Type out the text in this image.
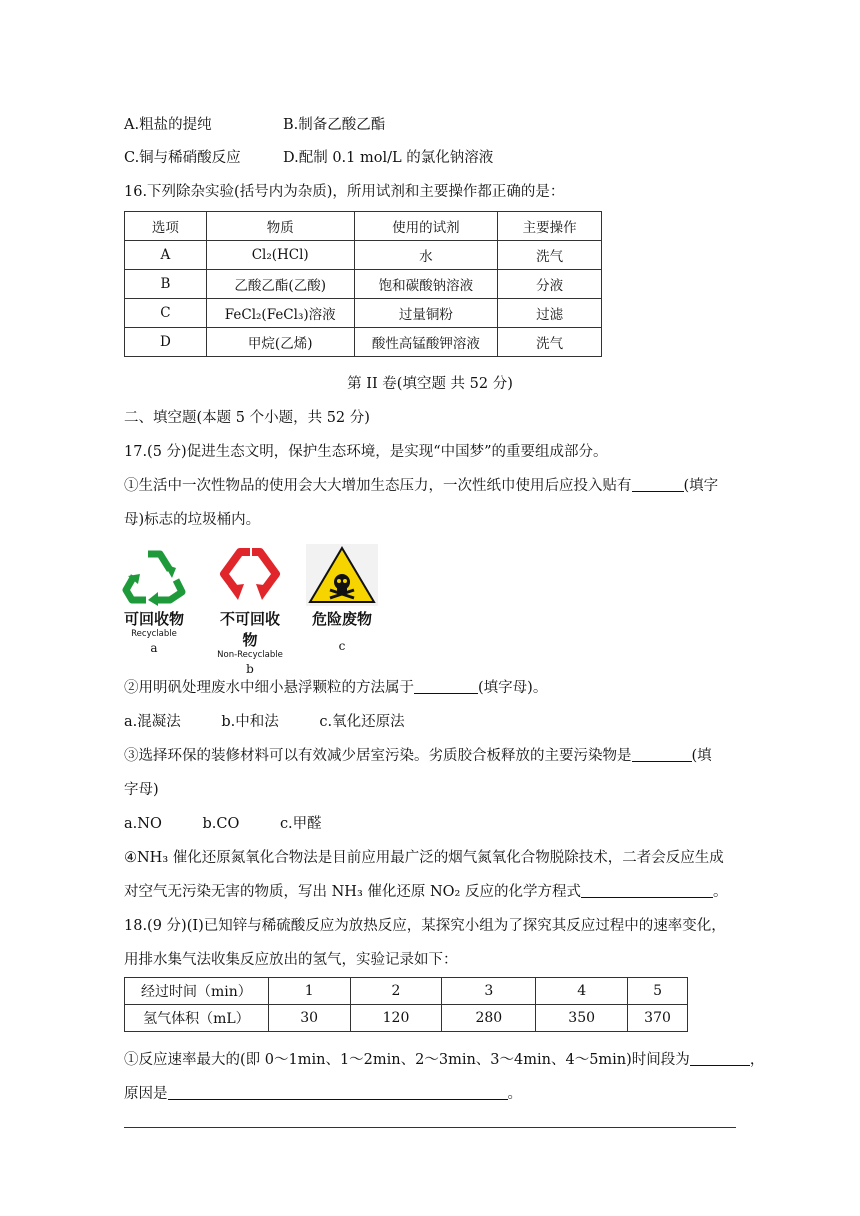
A.粗盐的提纯	B.制备乙酸乙酯
C.铜与稀硝酸反应	D.配制 0.1 mol/L 的氯化钠溶液
16.下列除杂实验(括号内为杂质)，所用试剂和主要操作都正确的是：
选项	物质	使用的试剂	主要操作
A	Cl₂(HCl)	水	洗气
B	乙酸乙酯(乙酸)	饱和碳酸钠溶液	分液
C	FeCl₂(FeCl₃)溶液	过量铜粉	过滤
D	甲烷(乙烯)	酸性高锰酸钾溶液	洗气
第 II 卷(填空题 共 52 分)
二、填空题(本题 5 个小题，共 52 分)
17.(5 分)促进生态文明，保护生态环境，是实现“中国梦”的重要组成部分。
①生活中一次性物品的使用会大大增加生态压力，一次性纸巾使用后应投入贴有	(填字
母)标志的垃圾桶内。
可回收物
Recyclable
a
不可回收物
Non-Recyclable
b
危险废物
c
②用明矾处理废水中细小悬浮颗粒的方法属于	(填字母)。
a.混凝法	b.中和法	c.氧化还原法
③选择环保的装修材料可以有效减少居室污染。劣质胶合板释放的主要污染物是	(填
字母)
a.NO	b.CO	c.甲醛
④NH₃ 催化还原氮氧化合物法是目前应用最广泛的烟气氮氧化合物脱除技术，二者会反应生成
对空气无污染无害的物质，写出 NH₃ 催化还原 NO₂ 反应的化学方程式	。
18.(9 分)(I)已知锌与稀硫酸反应为放热反应，某探究小组为了探究其反应过程中的速率变化，
用排水集气法收集反应放出的氢气，实验记录如下：
经过时间（min）	1	2	3	4	5
氢气体积（mL）	30	120	280	350	370
①反应速率最大的(即 0～1min、1～2min、2～3min、3～4min、4～5min)时间段为	，
原因是	。
